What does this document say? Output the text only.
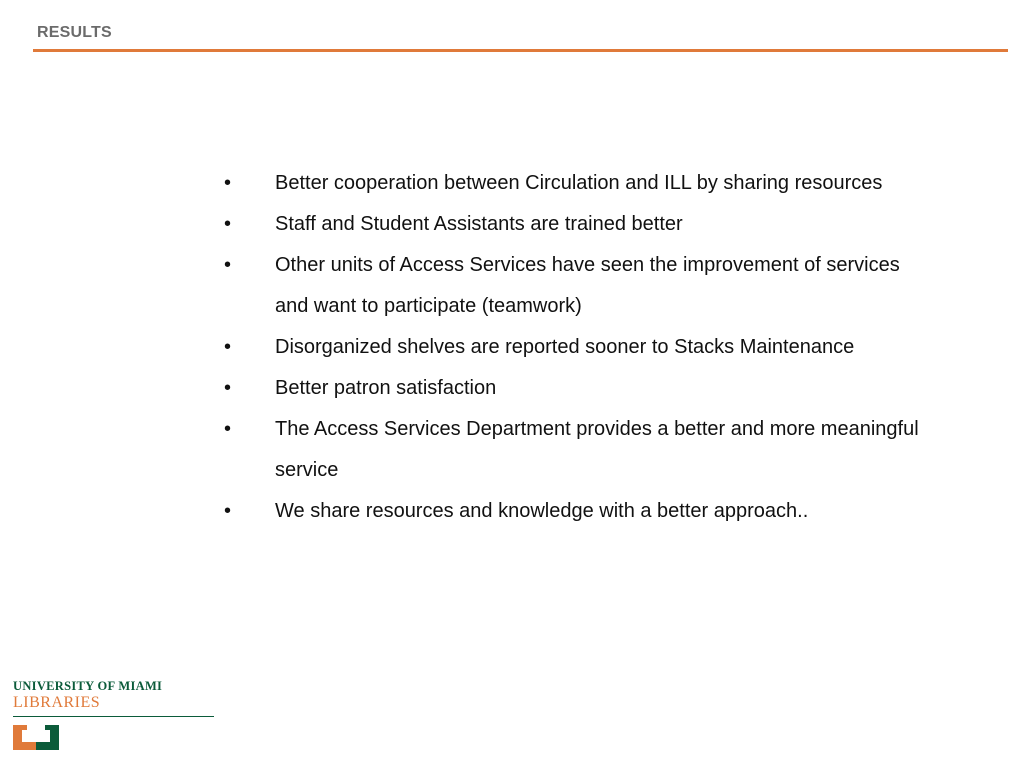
RESULTS
•	Better cooperation between Circulation and ILL by sharing resources
•	Staff and Student Assistants are trained better
•	Other units of Access Services have seen the improvement of services and want to participate (teamwork)
•	Disorganized shelves are reported sooner to Stacks Maintenance
•	Better patron satisfaction
•	The Access Services Department provides a better and more meaningful service
•	We share resources and knowledge with a better approach..
UNIVERSITY OF MIAMI
LIBRARIES
